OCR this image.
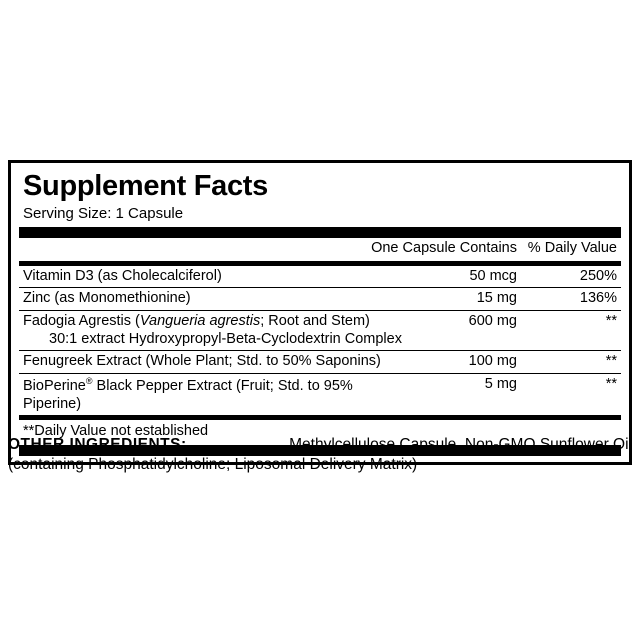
Supplement Facts
Serving Size: 1 Capsule
	One Capsule Contains	% Daily Value
Vitamin D3 (as Cholecalciferol)	50 mcg	250%
Zinc (as Monomethionine)	15 mg	136%
Fadogia Agrestis (Vangueria agrestis; Root and Stem)
30:1 extract Hydroxypropyl-Beta-Cyclodextrin Complex	600 mg	**
Fenugreek Extract (Whole Plant; Std. to 50% Saponins)	100 mg	**
BioPerine® Black Pepper Extract (Fruit; Std. to 95% Piperine)	5 mg	**
**Daily Value not established
OTHER INGREDIENTS:	Methylcellulose Capsule, Non-GMO Sunflower Oil
(containing Phosphatidylcholine; Liposomal Delivery Matrix)
